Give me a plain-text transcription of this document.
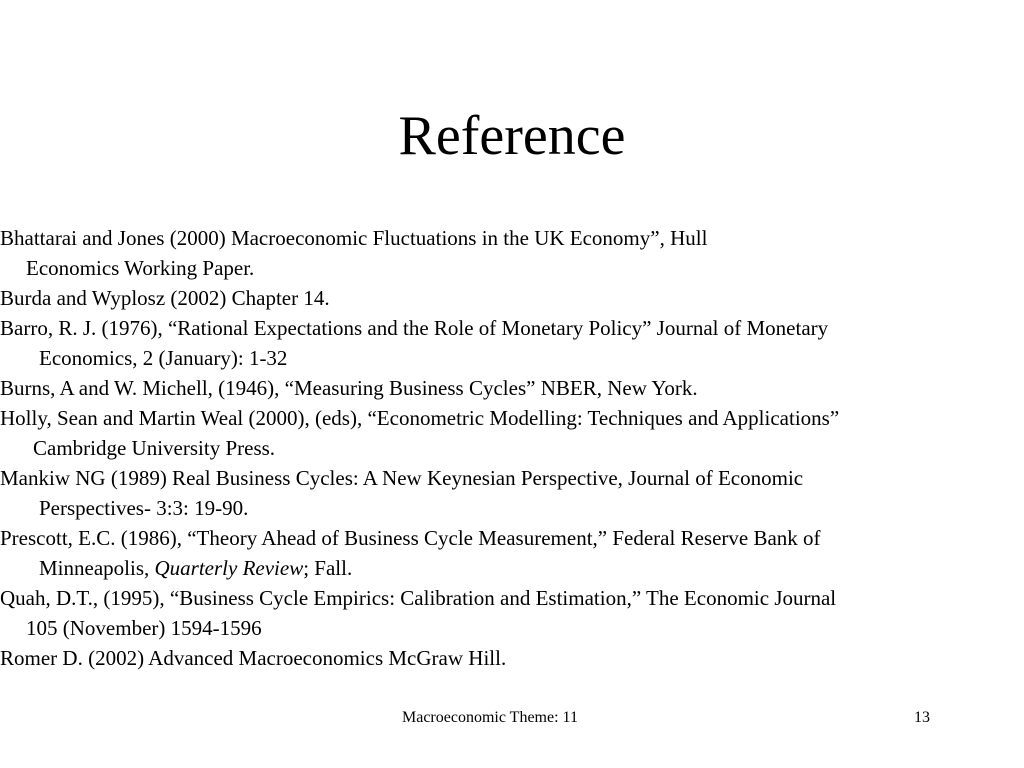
Reference
Bhattarai and Jones (2000) Macroeconomic Fluctuations in the UK Economy”, Hull
Economics Working Paper.
Burda and Wyplosz (2002) Chapter 14.
Barro, R. J. (1976), “Rational Expectations and the Role of Monetary Policy” Journal of Monetary
Economics, 2 (January): 1-32
Burns, A and W. Michell, (1946), “Measuring Business Cycles” NBER, New York.
Holly, Sean and Martin Weal (2000), (eds), “Econometric Modelling: Techniques and Applications”
Cambridge University Press.
Mankiw NG (1989) Real Business Cycles: A New Keynesian Perspective, Journal of Economic
Perspectives- 3:3: 19-90.
Prescott, E.C. (1986), “Theory Ahead of Business Cycle Measurement,” Federal Reserve Bank of
Minneapolis, Quarterly Review; Fall.
Quah, D.T., (1995), “Business Cycle Empirics: Calibration and Estimation,” The Economic Journal
105 (November) 1594-1596
Romer D. (2002) Advanced Macroeconomics McGraw Hill.
Macroeconomic Theme: 11	13
